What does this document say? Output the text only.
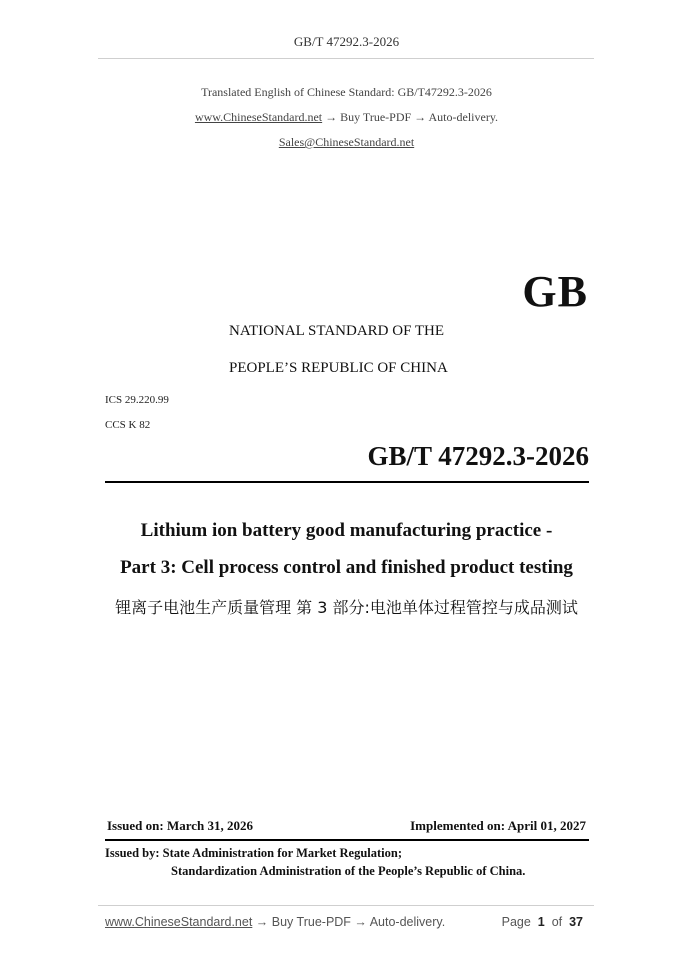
GB/T 47292.3-2026
Translated English of Chinese Standard: GB/T47292.3-2026
www.ChineseStandard.net → Buy True-PDF → Auto-delivery.
Sales@ChineseStandard.net
GB
NATIONAL STANDARD OF THE
PEOPLE’S REPUBLIC OF CHINA
ICS 29.220.99
CCS K 82
GB/T 47292.3-2026
Lithium ion battery good manufacturing practice -
Part 3: Cell process control and finished product testing
锂离子电池生产质量管理 第 3 部分:电池单体过程管控与成品测试
Issued on: March 31, 2026	Implemented on: April 01, 2027
Issued by: State Administration for Market Regulation;
Standardization Administration of the People’s Republic of China.
www.ChineseStandard.net → Buy True-PDF → Auto-delivery.	Page 1 of 37
